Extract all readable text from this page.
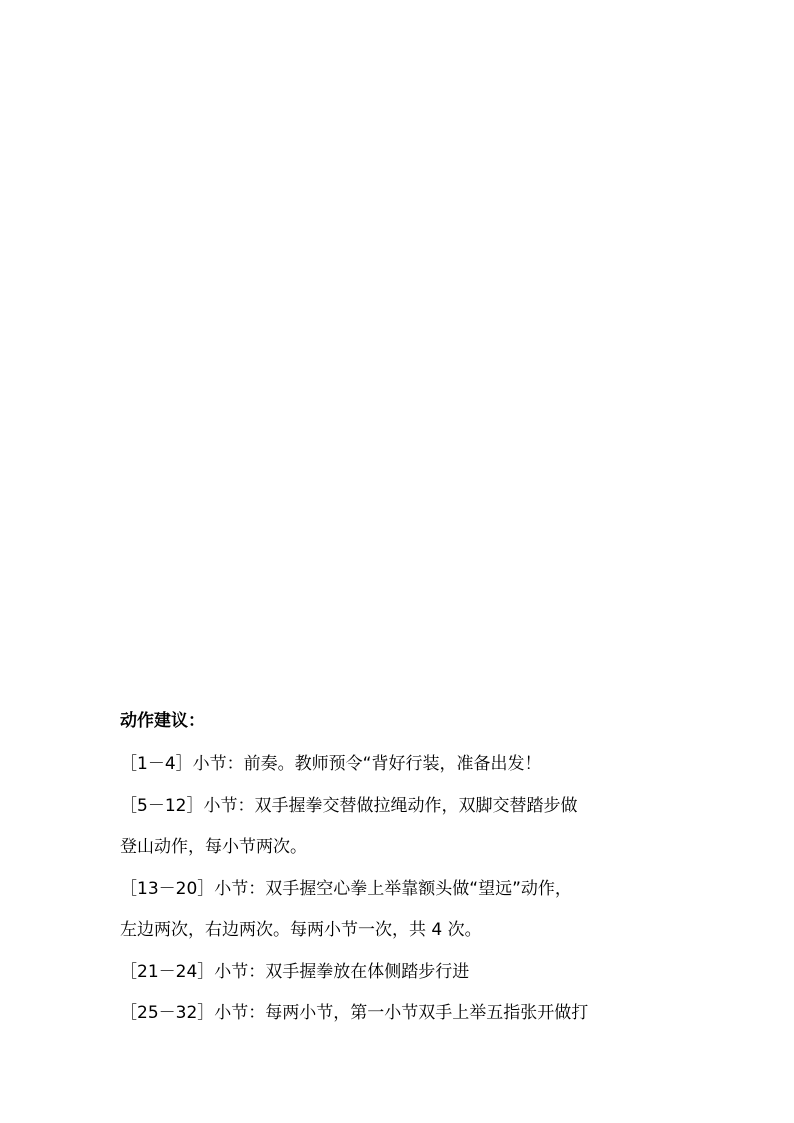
动作建议：

［1－4］小节：前奏。教师预令“背好行装，准备出发！

［5－12］小节：双手握拳交替做拉绳动作，双脚交替踏步做

登山动作，每小节两次。

［13－20］小节：双手握空心拳上举靠额头做“望远”动作，

左边两次，右边两次。每两小节一次，共 4 次。

［21－24］小节：双手握拳放在体侧踏步行进

［25－32］小节：每两小节，第一小节双手上举五指张开做打
